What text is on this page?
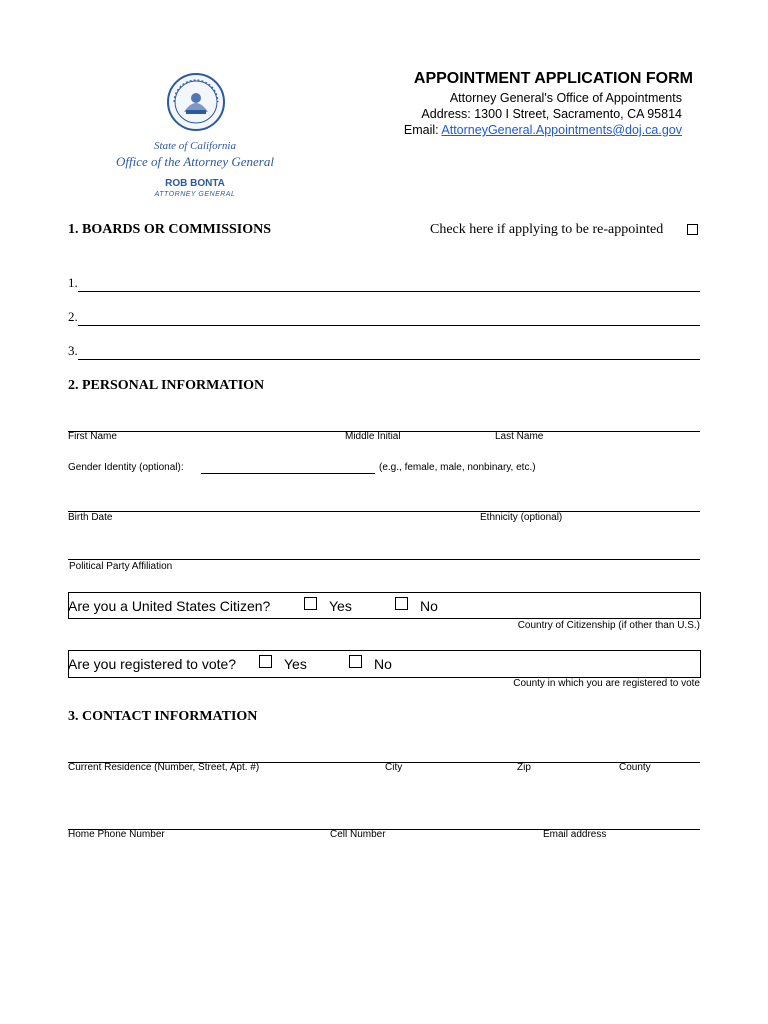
State of California
Office of the Attorney General
ROB BONTA
ATTORNEY GENERAL
APPOINTMENT APPLICATION FORM
Attorney General's Office of Appointments
Address: 1300 I Street, Sacramento, CA 95814
Email: AttorneyGeneral.Appointments@doj.ca.gov
1. BOARDS OR COMMISSIONS	Check here if applying to be re-appointed
1.
2.
3.
2. PERSONAL INFORMATION
First Name	Middle Initial	Last Name
Gender Identity (optional):	(e.g., female, male, nonbinary, etc.)
Birth Date	Ethnicity (optional)
Political Party Affiliation
Are you a United States Citizen?	Yes	No
Country of Citizenship (if other than U.S.)
Are you registered to vote?	Yes	No
County in which you are registered to vote
3. CONTACT INFORMATION
Current Residence (Number, Street, Apt. #)	City	Zip	County
Home Phone Number	Cell Number	Email address
